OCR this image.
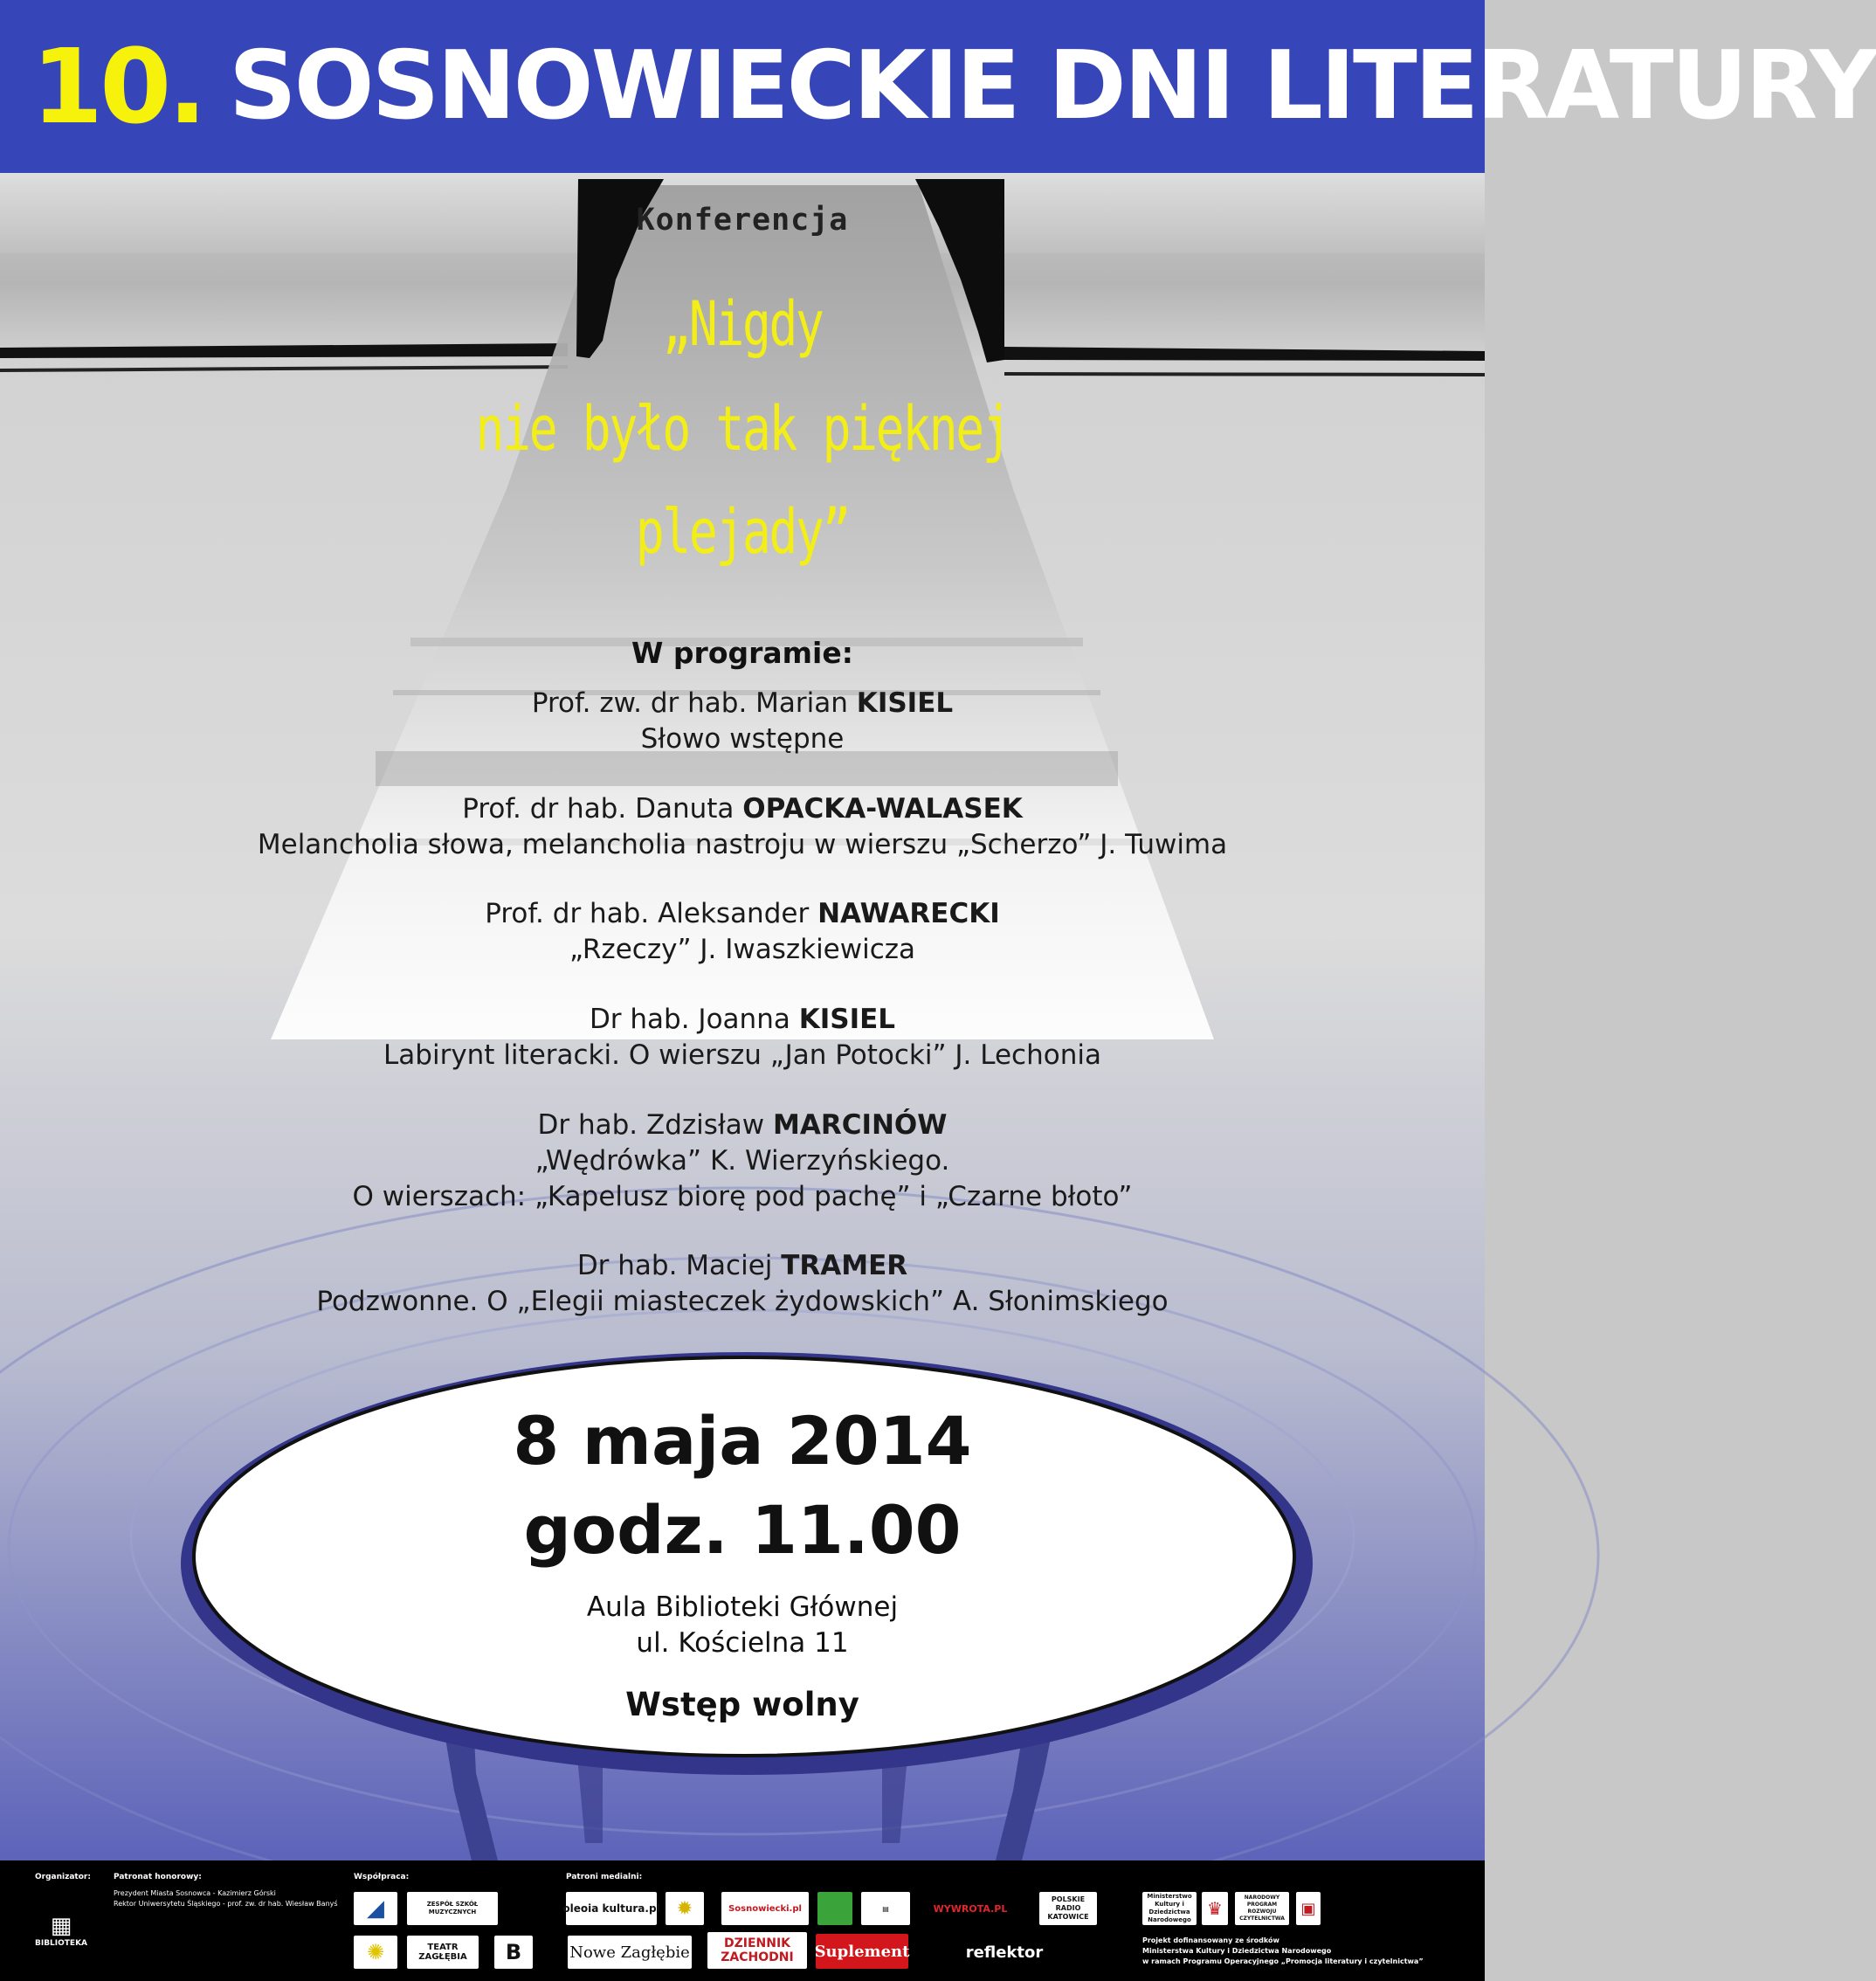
10. SOSNOWIECKIE DNI LITERATURY
Konferencja
„Nigdy
nie było tak pięknej
plejady”
W programie:
Prof. zw. dr hab. Marian KISIEL
Słowo wstępne
Prof. dr hab. Danuta OPACKA-WALASEK
Melancholia słowa, melancholia nastroju w wierszu „Scherzo” J. Tuwima
Prof. dr hab. Aleksander NAWARECKI
„Rzeczy” J. Iwaszkiewicza
Dr hab. Joanna KISIEL
Labirynt literacki. O wierszu „Jan Potocki” J. Lechonia
Dr hab. Zdzisław MARCINÓW
„Wędrówka” K. Wierzyńskiego.
O wierszach: „Kapelusz biorę pod pachę” i „Czarne błoto”
Dr hab. Maciej TRAMER
Podzwonne. O „Elegii miasteczek żydowskich” A. Słonimskiego
8 maja 2014
godz. 11.00
Aula Biblioteki Głównej
ul. Kościelna 11
Wstęp wolny
Organizator:
▦
BIBLIOTEKA
Patronat honorowy:
Prezydent Miasta Sosnowca - Kazimierz Górski
Rektor Uniwersytetu Śląskiego - prof. zw. dr hab. Wiesław Banyś
Współpraca:
◢	ZESPÓŁ SZKÓŁ MUZYCZNYCH
✺	TEATR ZAGŁĘBIA	B
Patroni medialni:
oleoia kultura.pl ✹	Sosnowiecki.pl	▤	WYWROTA.PL
POLSKIE RADIO KATOWICE
Nowe Zagłębie	DZIENNIK ZACHODNI	Suplement	reflektor
Ministerstwo Kultury i Dziedzictwa Narodowego
♛
NARODOWY PROGRAM ROZWOJU CZYTELNICTWA
▣
Projekt dofinansowany ze środków
Ministerstwa Kultury i Dziedzictwa Narodowego
w ramach Programu Operacyjnego „Promocja literatury i czytelnictwa”
